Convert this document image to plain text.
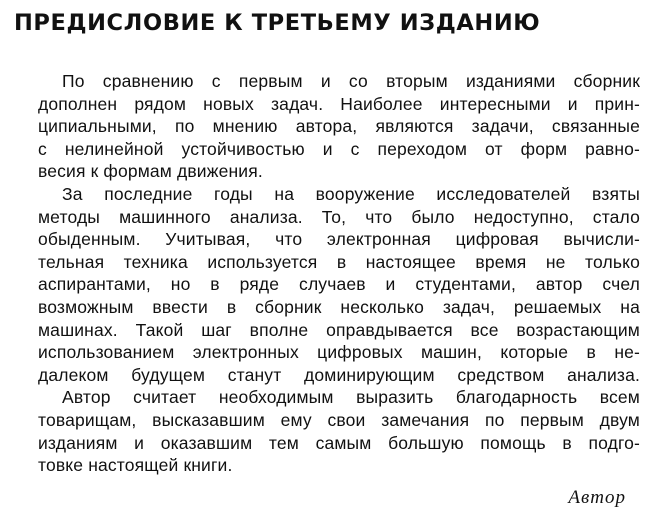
ПРЕДИСЛОВИЕ К ТРЕТЬЕМУ ИЗДАНИЮ

По сравнению с первым и со вторым изданиями сборник
дополнен рядом новых задач. Наиболее интересными и прин-
ципиальными, по мнению автора, являются задачи, связанные
с нелинейной устойчивостью и с переходом от форм равно-
весия к формам движения.

За последние годы на вооружение исследователей взяты
методы машинного анализа. То, что было недоступно, стало
обыденным. Учитывая, что электронная цифровая вычисли-
тельная техника используется в настоящее время не только
аспирантами, но в ряде случаев и студентами, автор счел
возможным ввести в сборник несколько задач, решаемых на
машинах. Такой шаг вполне оправдывается все возрастающим
использованием электронных цифровых машин, которые в не-
далеком будущем станут доминирующим средством анализа.

Автор считает необходимым выразить благодарность всем
товарищам, высказавшим ему свои замечания по первым двум
изданиям и оказавшим тем самым большую помощь в подго-
товке настоящей книги.

Автор
